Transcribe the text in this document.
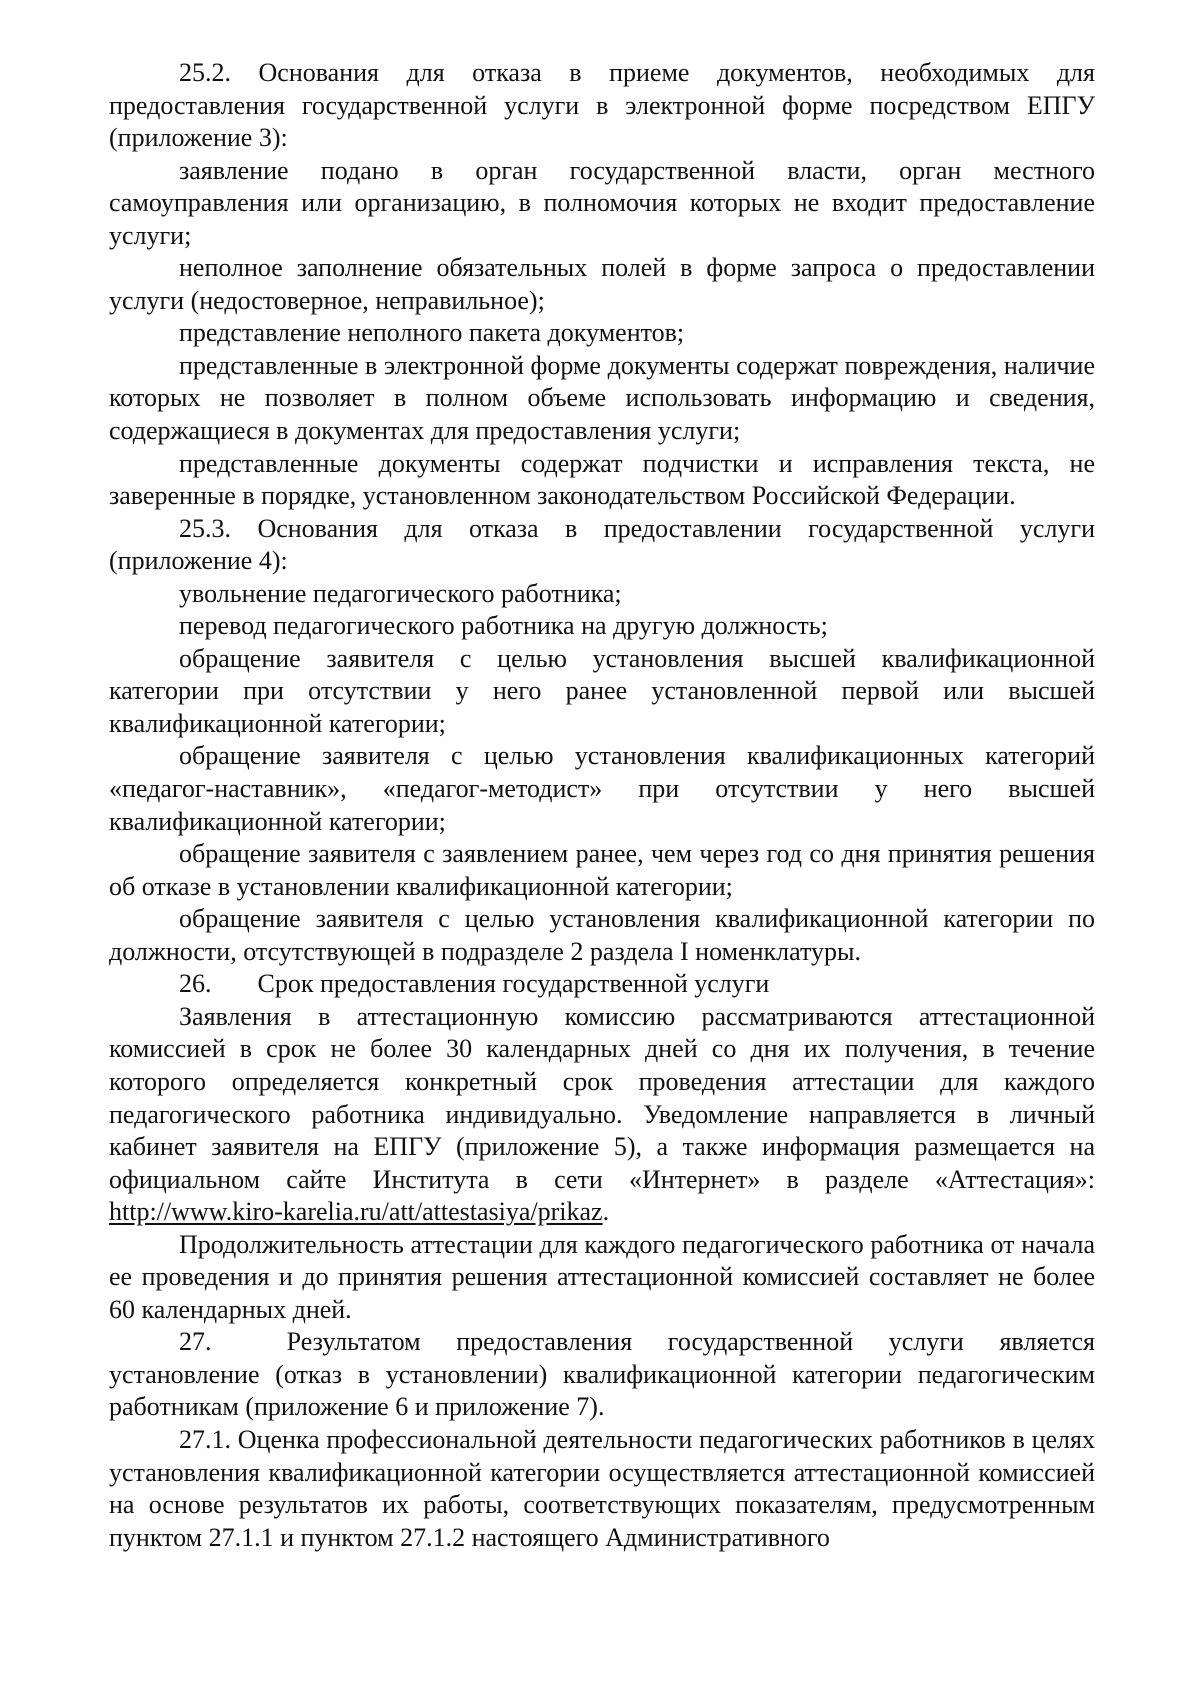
25.2. Основания для отказа в приеме документов, необходимых для предоставления государственной услуги в электронной форме посредством ЕПГУ (приложение 3):

заявление подано в орган государственной власти, орган местного самоуправления или организацию, в полномочия которых не входит предоставление услуги;

неполное заполнение обязательных полей в форме запроса о предоставлении услуги (недостоверное, неправильное);

представление неполного пакета документов;

представленные в электронной форме документы содержат повреждения, наличие которых не позволяет в полном объеме использовать информацию и сведения, содержащиеся в документах для предоставления услуги;

представленные документы содержат подчистки и исправления текста, не заверенные в порядке, установленном законодательством Российской Федерации.

25.3. Основания для отказа в предоставлении государственной услуги (приложение 4):

увольнение педагогического работника;

перевод педагогического работника на другую должность;

обращение заявителя с целью установления высшей квалификационной категории при отсутствии у него ранее установленной первой или высшей квалификационной категории;

обращение заявителя с целью установления квалификационных категорий «педагог-наставник», «педагог-методист» при отсутствии у него высшей квалификационной категории;

обращение заявителя с заявлением ранее, чем через год со дня принятия решения об отказе в установлении квалификационной категории;

обращение заявителя с целью установления квалификационной категории по должности, отсутствующей в подразделе 2 раздела I номенклатуры.

26. Срок предоставления государственной услуги

Заявления в аттестационную комиссию рассматриваются аттестационной комиссией в срок не более 30 календарных дней со дня их получения, в течение которого определяется конкретный срок проведения аттестации для каждого педагогического работника индивидуально. Уведомление направляется в личный кабинет заявителя на ЕПГУ (приложение 5), а также информация размещается на официальном сайте Института в сети «Интернет» в разделе «Аттестация»: http://www.kiro-karelia.ru/att/attestasiya/prikaz.

Продолжительность аттестации для каждого педагогического работника от начала ее проведения и до принятия решения аттестационной комиссией составляет не более 60 календарных дней.

27.	Результатом предоставления государственной услуги является установление (отказ в установлении) квалификационной категории педагогическим работникам (приложение 6 и приложение 7).

27.1. Оценка профессиональной деятельности педагогических работников в целях установления квалификационной категории осуществляется аттестационной комиссией на основе результатов их работы, соответствующих показателям, предусмотренным пунктом 27.1.1 и пунктом 27.1.2 настоящего Административного
